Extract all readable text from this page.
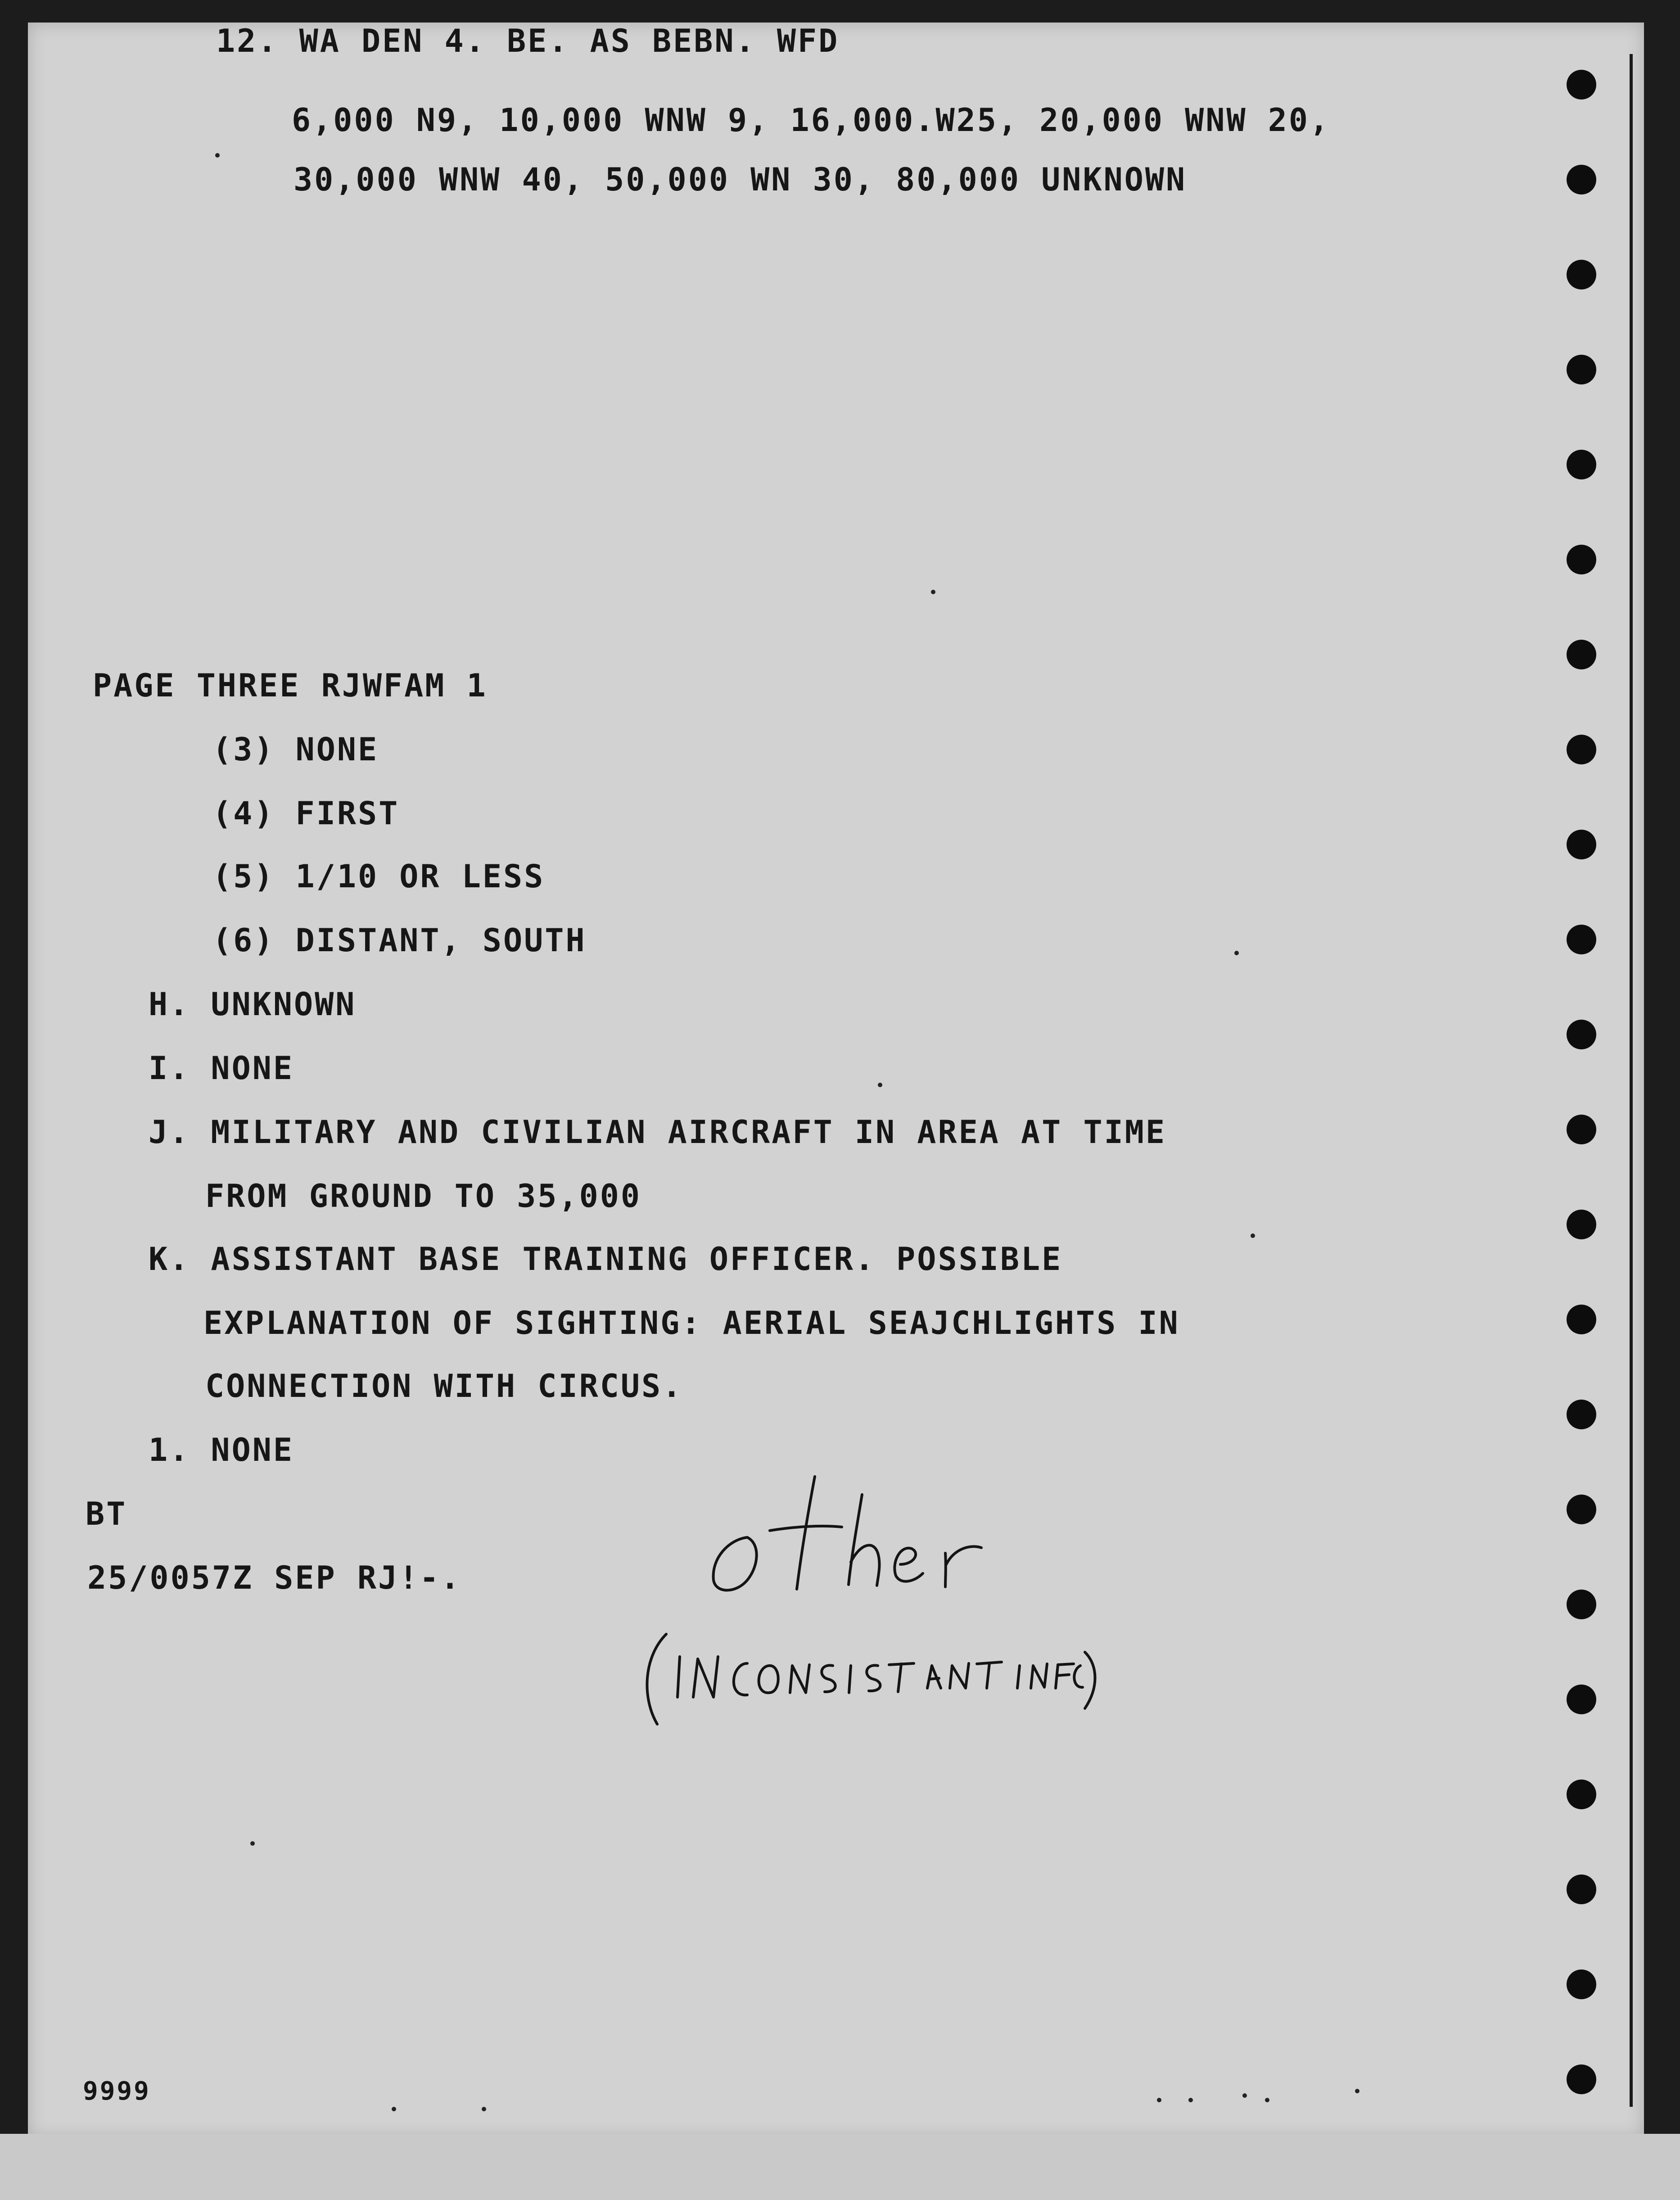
12. WA DEN 4. BE. AS BEBN. WFD
6,000 N9, 10,000 WNW 9, 16,000.W25, 20,000 WNW 20,
30,000 WNW 40, 50,000 WN 30, 80,000 UNKNOWN
PAGE THREE RJWFAM 1
(3) NONE
(4) FIRST
(5) 1/10 OR LESS
(6) DISTANT, SOUTH
H. UNKNOWN
I. NONE
J. MILITARY AND CIVILIAN AIRCRAFT IN AREA AT TIME
FROM GROUND TO 35,000
K. ASSISTANT BASE TRAINING OFFICER. POSSIBLE
EXPLANATION OF SIGHTING: AERIAL SEAJCHLIGHTS IN
CONNECTION WITH CIRCUS.
1. NONE
BT
25/0057Z SEP RJ!-.
9999
